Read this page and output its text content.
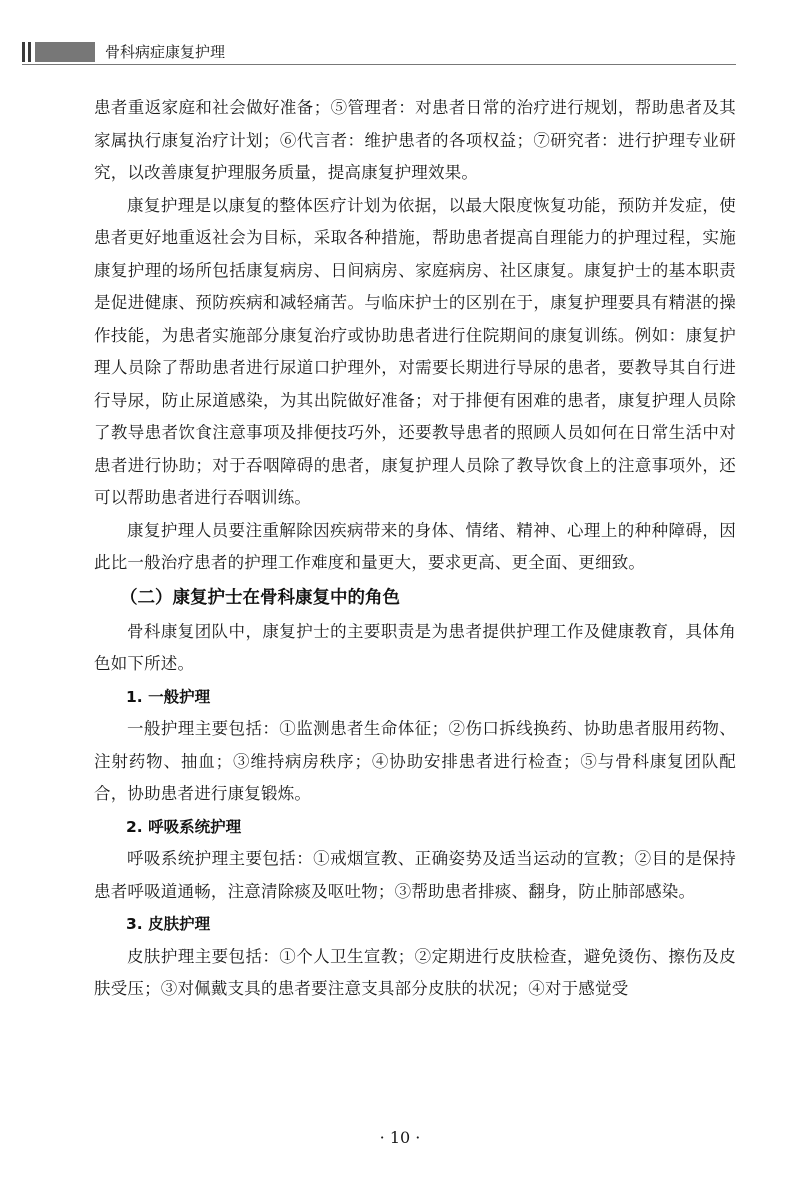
骨科病症康复护理

患者重返家庭和社会做好准备；⑤管理者：对患者日常的治疗进行规划，帮助患者及其家属执行康复治疗计划；⑥代言者：维护患者的各项权益；⑦研究者：进行护理专业研究，以改善康复护理服务质量，提高康复护理效果。

康复护理是以康复的整体医疗计划为依据，以最大限度恢复功能，预防并发症，使患者更好地重返社会为目标，采取各种措施，帮助患者提高自理能力的护理过程，实施康复护理的场所包括康复病房、日间病房、家庭病房、社区康复。康复护士的基本职责是促进健康、预防疾病和减轻痛苦。与临床护士的区别在于，康复护理要具有精湛的操作技能，为患者实施部分康复治疗或协助患者进行住院期间的康复训练。例如：康复护理人员除了帮助患者进行尿道口护理外，对需要长期进行导尿的患者，要教导其自行进行导尿，防止尿道感染，为其出院做好准备；对于排便有困难的患者，康复护理人员除了教导患者饮食注意事项及排便技巧外，还要教导患者的照顾人员如何在日常生活中对患者进行协助；对于吞咽障碍的患者，康复护理人员除了教导饮食上的注意事项外，还可以帮助患者进行吞咽训练。

康复护理人员要注重解除因疾病带来的身体、情绪、精神、心理上的种种障碍，因此比一般治疗患者的护理工作难度和量更大，要求更高、更全面、更细致。

（二）康复护士在骨科康复中的角色

骨科康复团队中，康复护士的主要职责是为患者提供护理工作及健康教育，具体角色如下所述。

1. 一般护理

一般护理主要包括：①监测患者生命体征；②伤口拆线换药、协助患者服用药物、注射药物、抽血；③维持病房秩序；④协助安排患者进行检查；⑤与骨科康复团队配合，协助患者进行康复锻炼。

2. 呼吸系统护理

呼吸系统护理主要包括：①戒烟宣教、正确姿势及适当运动的宣教；②目的是保持患者呼吸道通畅，注意清除痰及呕吐物；③帮助患者排痰、翻身，防止肺部感染。

3. 皮肤护理

皮肤护理主要包括：①个人卫生宣教；②定期进行皮肤检查，避免烫伤、擦伤及皮肤受压；③对佩戴支具的患者要注意支具部分皮肤的状况；④对于感觉受

· 10 ·
